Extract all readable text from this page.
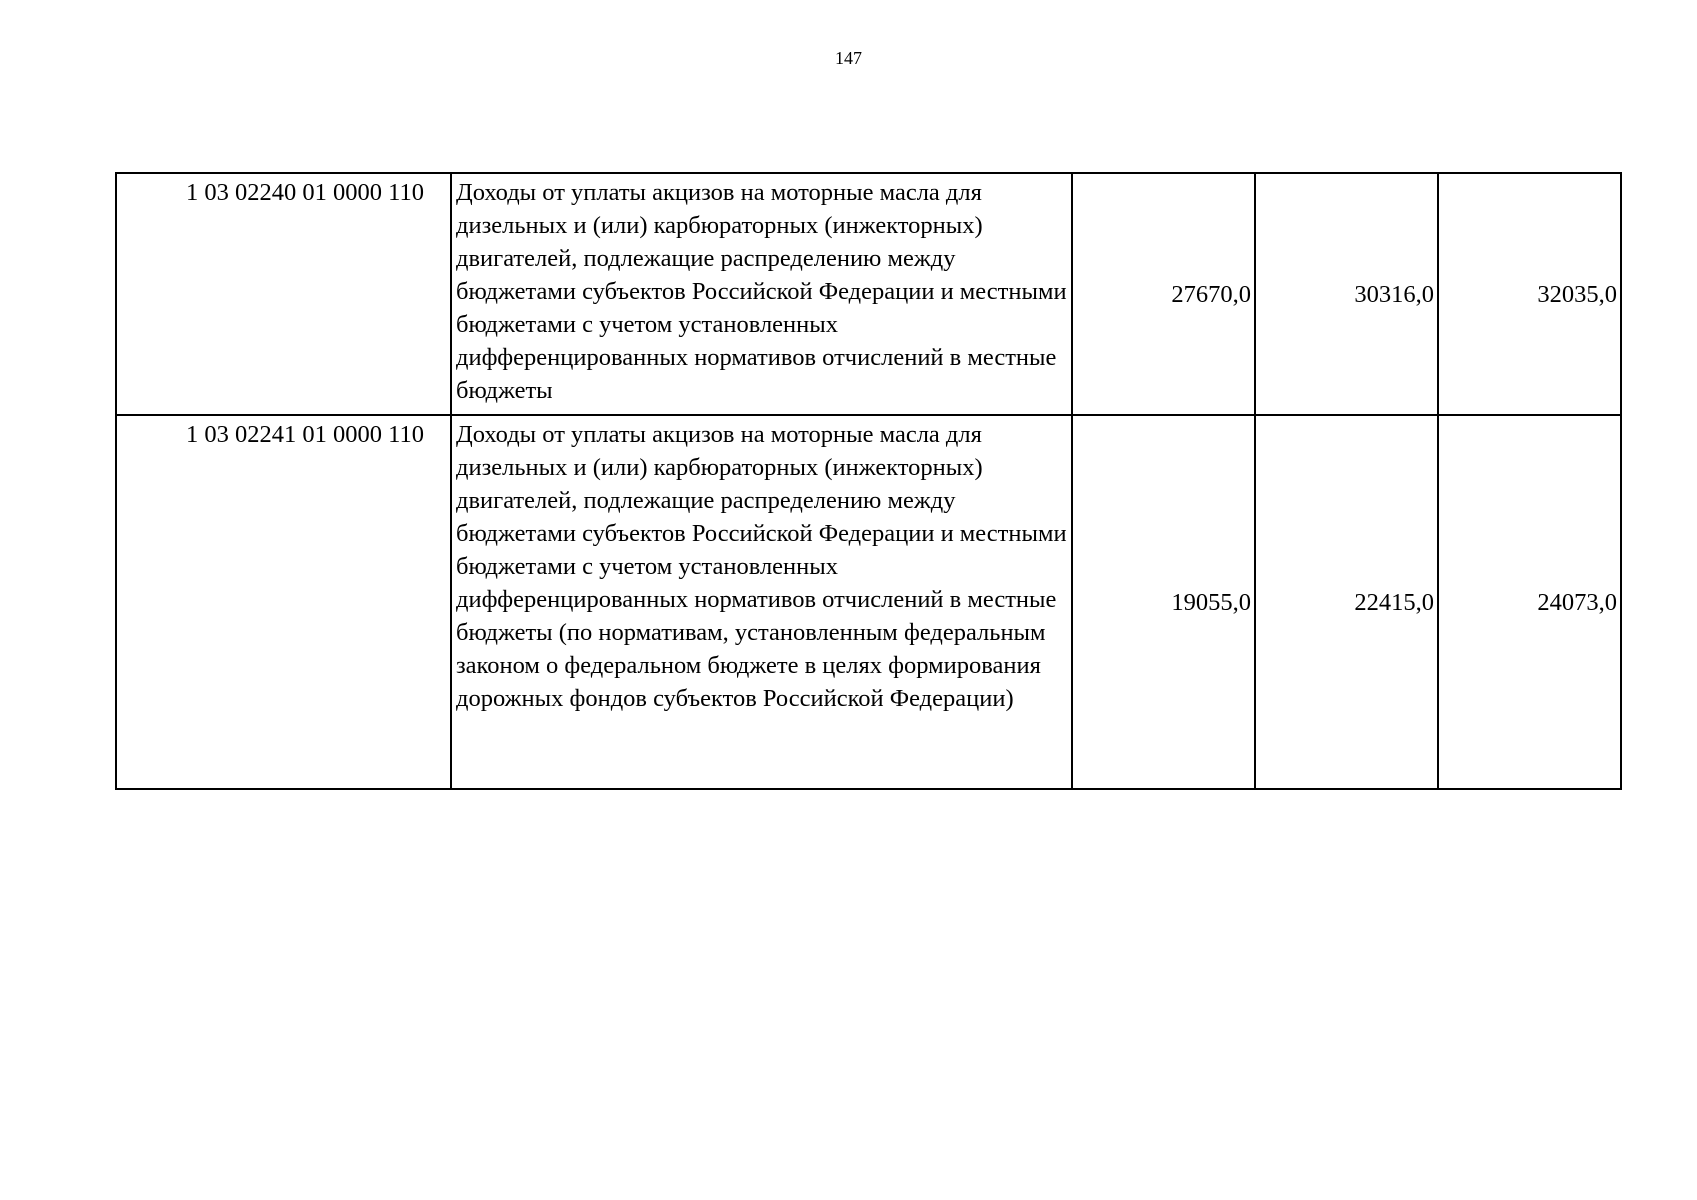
147
1 03 02240 01 0000 110	Доходы от уплаты акцизов на моторные масла для дизельных и (или) карбюраторных (инжекторных) двигателей, подлежащие распределению между бюджетами субъектов Российской Федерации и местными бюджетами с учетом установленных дифференцированных нормативов отчислений в местные бюджеты	27670,0	30316,0	32035,0
1 03 02241 01 0000 110	Доходы от уплаты акцизов на моторные масла для дизельных и (или) карбюраторных (инжекторных) двигателей, подлежащие распределению между бюджетами субъектов Российской Федерации и местными бюджетами с учетом установленных дифференцированных нормативов отчислений в местные бюджеты (по нормативам, установленным федеральным законом о федеральном бюджете в целях формирования дорожных фондов субъектов Российской Федерации)	19055,0	22415,0	24073,0
